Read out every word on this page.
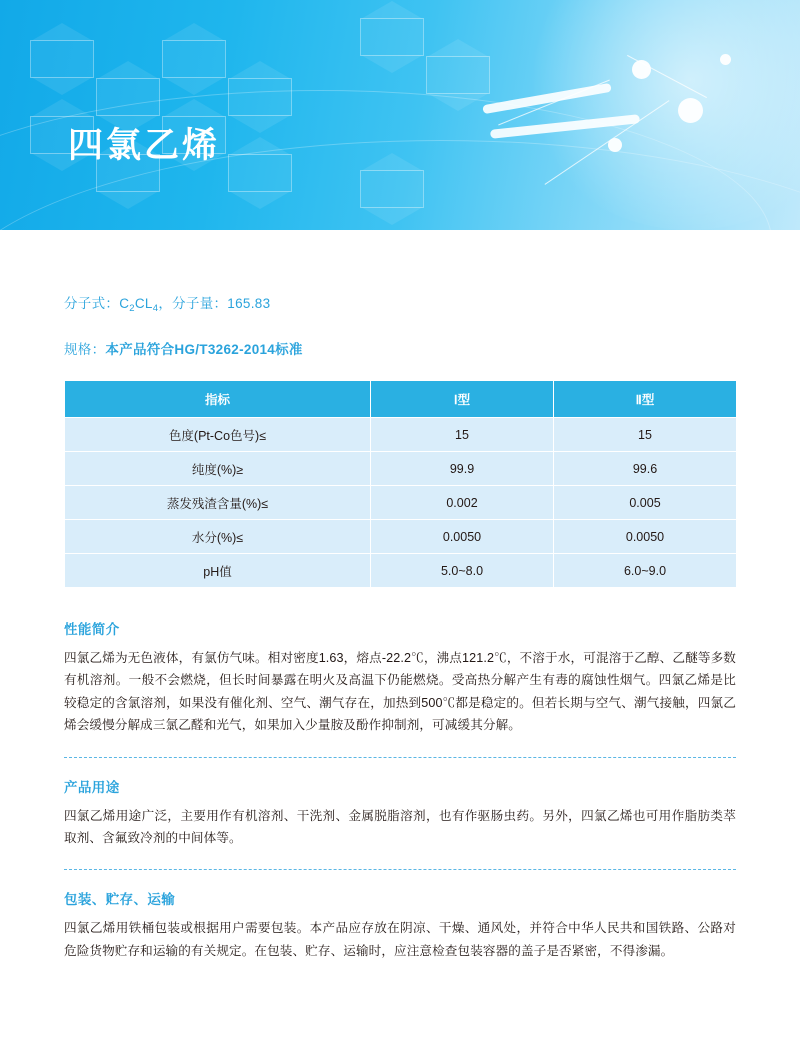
四氯乙烯
分子式：$C_2CL_4$，分子量：165.83
规格：本产品符合HG/T3262-2014标准
指标	Ⅰ型	Ⅱ型
色度(Pt-Co色号)≤	15	15
纯度(%)≥	99.9	99.6
蒸发残渣含量(%)≤	0.002	0.005
水分(%)≤	0.0050	0.0050
pH值	5.0~8.0	6.0~9.0
性能简介
四氯乙烯为无色液体，有氯仿气味。相对密度1.63，熔点-22.2℃，沸点121.2℃，不溶于水，可混溶于乙醇、乙醚等多数有机溶剂。一般不会燃烧，但长时间暴露在明火及高温下仍能燃烧。受高热分解产生有毒的腐蚀性烟气。四氯乙烯是比较稳定的含氯溶剂，如果没有催化剂、空气、潮气存在，加热到500℃都是稳定的。但若长期与空气、潮气接触，四氯乙烯会缓慢分解成三氯乙醛和光气，如果加入少量胺及酚作抑制剂，可减缓其分解。
产品用途
四氯乙烯用途广泛，主要用作有机溶剂、干洗剂、金属脱脂溶剂，也有作驱肠虫药。另外，四氯乙烯也可用作脂肪类萃取剂、含氟致冷剂的中间体等。
包装、贮存、运输
四氯乙烯用铁桶包装或根据用户需要包装。本产品应存放在阴凉、干燥、通风处，并符合中华人民共和国铁路、公路对危险货物贮存和运输的有关规定。在包装、贮存、运输时，应注意检查包装容器的盖子是否紧密，不得渗漏。
